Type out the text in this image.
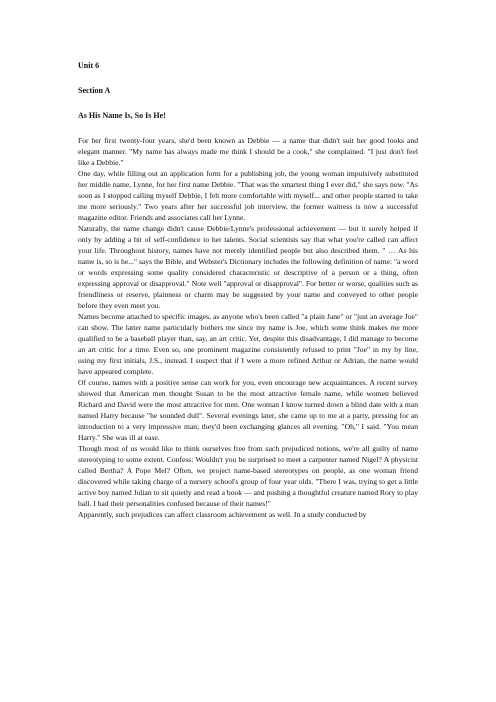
Unit 6
Section A
As His Name Is, So Is He!

For her first twenty-four years, she'd been known as Debbie — a name that didn't suit her good looks and elegant manner. "My name has always made me think I should be a cook," she complained. "I just don't feel like a Debbie."

One day, while filling out an application form for a publishing job, the young woman impulsively substituted her middle name, Lynne, for her first name Debbie. "That was the smartest thing I ever did," she says now. "As soon as I stopped calling myself Debbie, I felt more comfortable with myself... and other people started to take me more seriously." Two years after her successful job interview, the former waitress is now a successful magazine editor. Friends and associates call her Lynne.

Naturally, the name change didn't cause Debbie/Lynne's professional achievement — but it surely helped if only by adding a bit of self-confidence to her talents. Social scientists say that what you're called can affect your life. Throughout history, names have not merely identified people but also described them. " … As his name is, so is he..." says the Bible, and Webster's Dictionary includes the following definition of name: "a word or words expressing some quality considered characteristic or descriptive of a person or a thing, often expressing approval or disapproval." Note well "approval or disapproval". For better or worse, qualities such as friendliness or reserve, plainness or charm may be suggested by your name and conveyed to other people before they even meet you.

Names become attached to specific images, as anyone who's been called "a plain Jane" or "just an average Joe" can show. The latter name particularly bothers me since my name is Joe, which some think makes me more qualified to be a baseball player than, say, an art critic. Yet, despite this disadvantage, I did manage to become an art critic for a time. Even so, one prominent magazine consistently refused to print "Joe" in my by line, using my first initials, J.S., instead. I suspect that if I were a more refined Arthur or Adrian, the name would have appeared complete.

Of course, names with a positive sense can work for you, even encourage new acquaintances. A recent survey showed that American men thought Susan to be the most attractive female name, while women believed Richard and David were the most attractive for men. One woman I know turned down a blind date with a man named Harry because "he sounded dull". Several evenings later, she came up to me at a party, pressing for an introduction to a very impressive man; they'd been exchanging glances all evening. "Oh," I said. "You mean Harry." She was ill at ease.

Though most of us would like to think ourselves free from such prejudiced notions, we're all guilty of name stereotyping to some extent. Confess: Wouldn't you be surprised to meet a carpenter named Nigel? A physicist called Bertha? A Pope Mel? Often, we project name-based stereotypes on people, as one woman friend discovered while taking charge of a nursery school's group of four year olds. "There I was, trying to get a little active boy named Julian to sit quietly and read a book — and pushing a thoughtful creature named Rory to play ball. I had their personalities confused because of their names!"

Apparently, such prejudices can affect classroom achievement as well. In a study conducted by
